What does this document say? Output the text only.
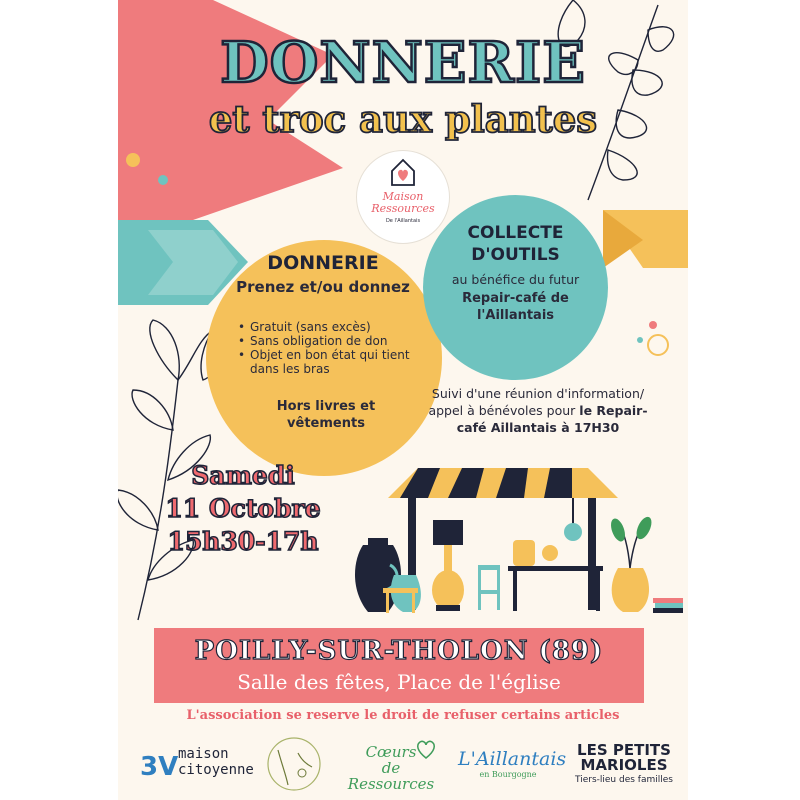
DONNERIE
et troc aux plantes
Maison Ressources
De l'Aillantais
DONNERIE
Prenez et/ou donnez
• Gratuit (sans excès)
• Sans obligation de don
• Objet en bon état qui tient dans les bras
Hors livres et vêtements
COLLECTE D'OUTILS
au bénéfice du futur
Repair-café de l'Aillantais
Suivi d'une réunion d'information/ appel à bénévoles pour le Repair-café Aillantais à 17H30
Samedi
11 Octobre
15h30-17h
POILLY-SUR-THOLON (89)
Salle des fêtes, Place de l'église
L'association se reserve le droit de refuser certains articles
3V maison
citoyenne
Cœurs
de Ressources
L'Aillantais
en Bourgogne
LES PETITS
MARIOLES
Tiers-lieu des familles
